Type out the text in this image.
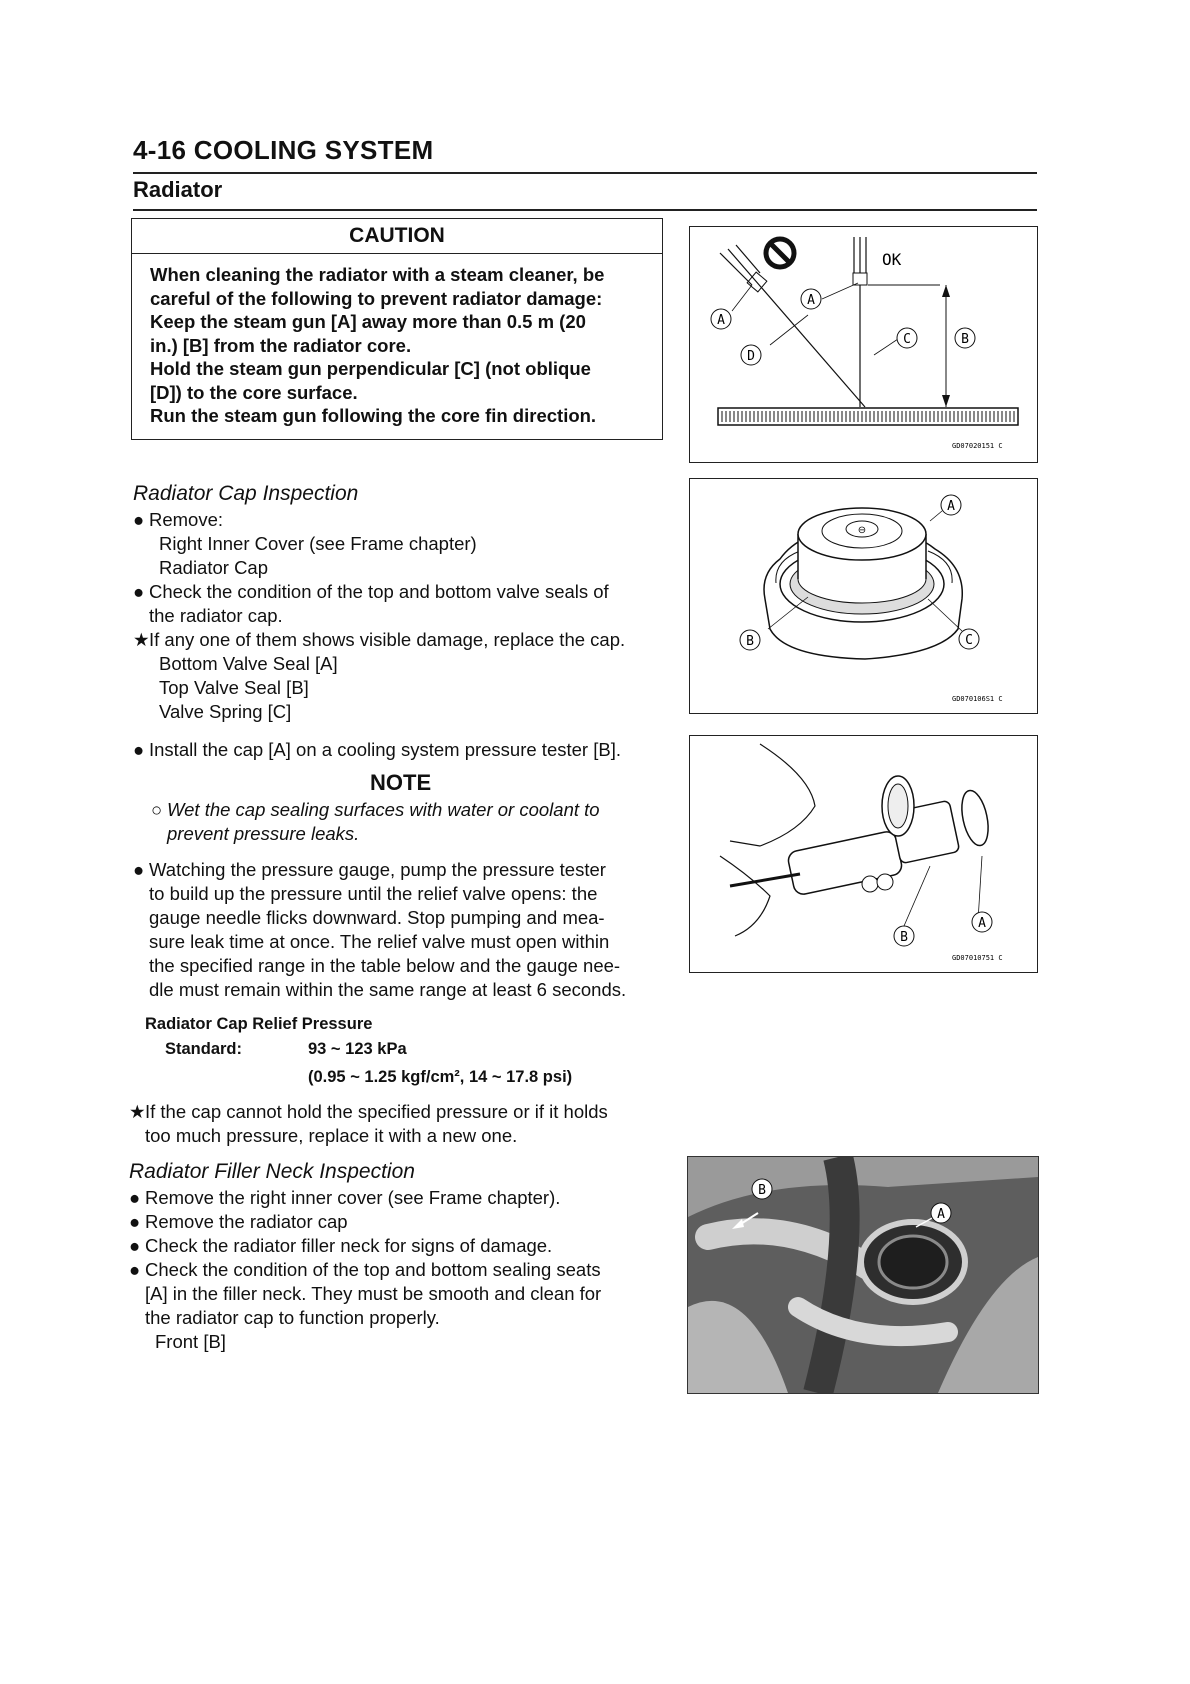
4-16 COOLING SYSTEM
Radiator
CAUTION
When cleaning the radiator with a steam cleaner, be
careful of the following to prevent radiator damage:
Keep the steam gun [A] away more than 0.5 m (20
in.) [B] from the radiator core.
Hold the steam gun perpendicular [C] (not oblique
[D]) to the core surface.
Run the steam gun following the core fin direction.
OK
A
A
D
C	B
GD07020151 C
⊖
A
B	C
GD070106S1 C
B
A
GD07010751 C
B
A
Radiator Cap Inspection
● Remove:
Right Inner Cover (see Frame chapter)
Radiator Cap
● Check the condition of the top and bottom valve seals of
the radiator cap.
★If any one of them shows visible damage, replace the cap.
Bottom Valve Seal [A]
Top Valve Seal [B]
Valve Spring [C]
● Install the cap [A] on a cooling system pressure tester [B].
NOTE
○ Wet the cap sealing surfaces with water or coolant to
prevent pressure leaks.
● Watching the pressure gauge, pump the pressure tester
to build up the pressure until the relief valve opens: the
gauge needle flicks downward. Stop pumping and mea-
sure leak time at once. The relief valve must open within
the specified range in the table below and the gauge nee-
dle must remain within the same range at least 6 seconds.
Radiator Cap Relief Pressure
Standard:	93 ~ 123 kPa
(0.95 ~ 1.25 kgf/cm², 14 ~ 17.8 psi)
★If the cap cannot hold the specified pressure or if it holds
too much pressure, replace it with a new one.
Radiator Filler Neck Inspection
● Remove the right inner cover (see Frame chapter).
● Remove the radiator cap
● Check the radiator filler neck for signs of damage.
● Check the condition of the top and bottom sealing seats
[A] in the filler neck. They must be smooth and clean for
the radiator cap to function properly.
Front [B]
